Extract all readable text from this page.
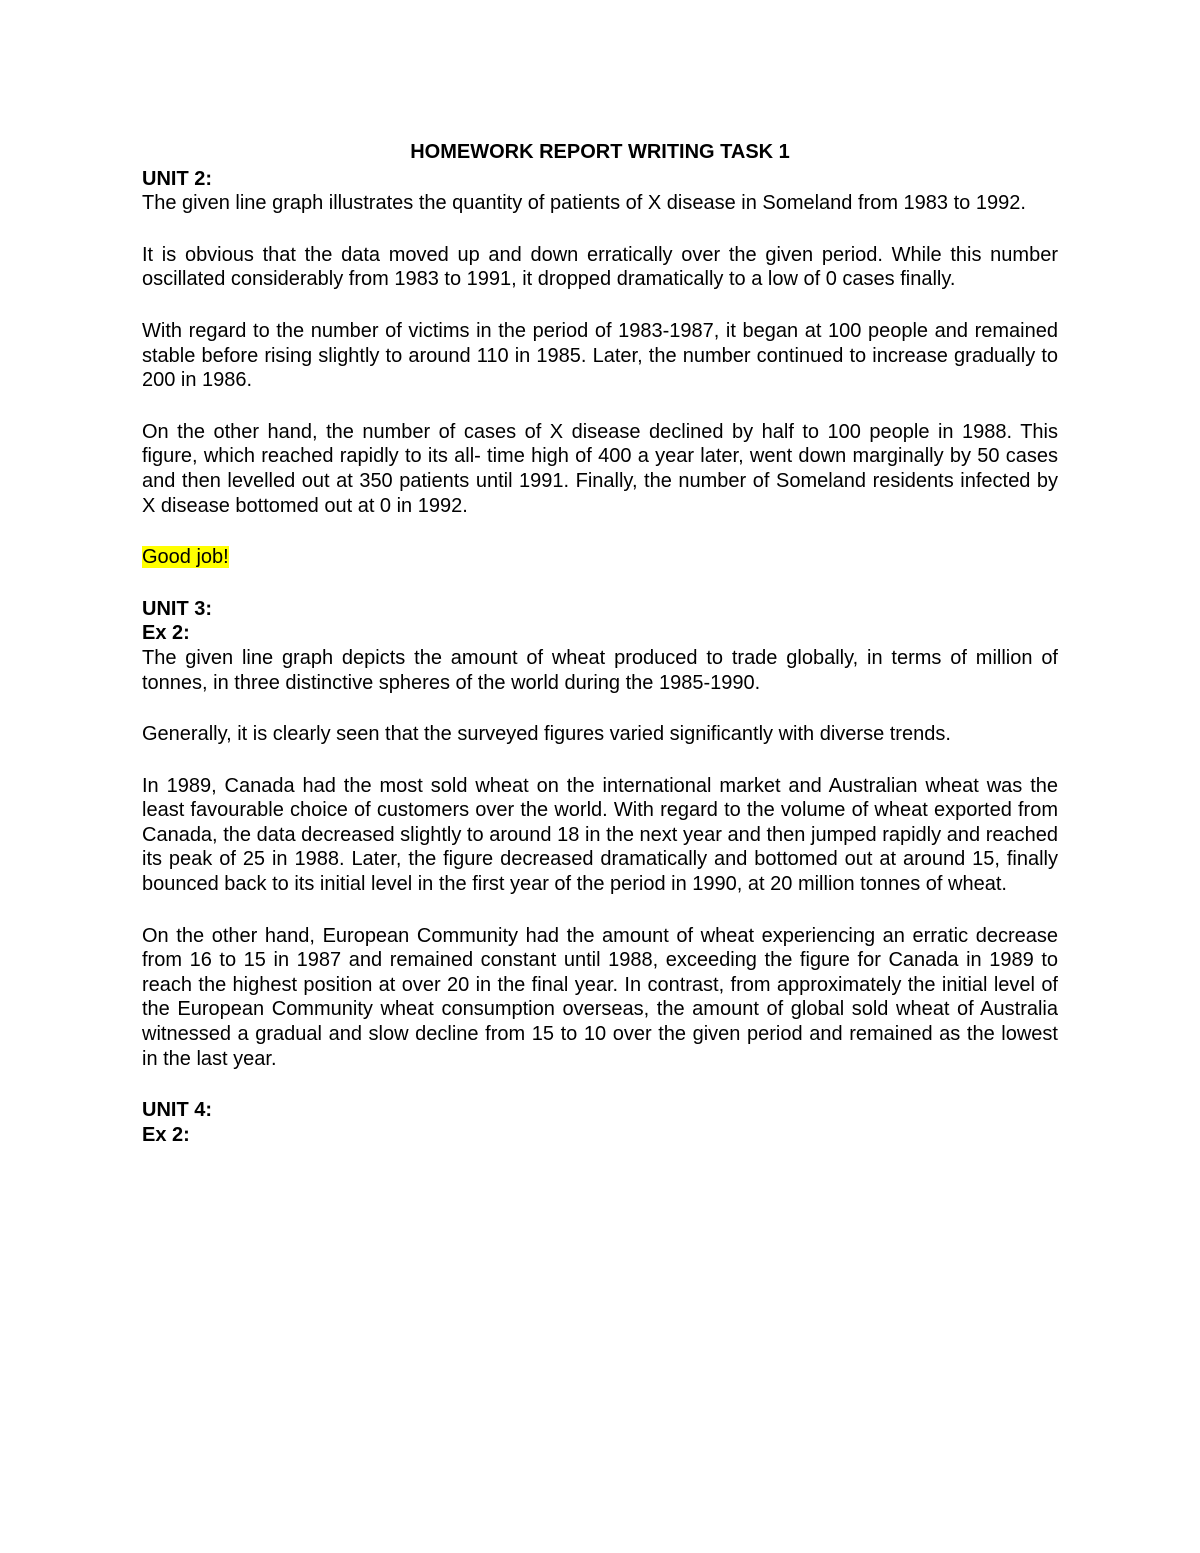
HOMEWORK REPORT WRITING TASK 1

UNIT 2:

The given line graph illustrates the quantity of patients of X disease in Someland from 1983 to 1992.

It is obvious that the data moved up and down erratically over the given period. While this number oscillated considerably from 1983 to 1991, it dropped dramatically to a low of 0 cases finally.

With regard to the number of victims in the period of 1983-1987, it began at 100 people and remained stable before rising slightly to around 110 in 1985. Later, the number continued to increase gradually to 200 in 1986.

On the other hand, the number of cases of X disease declined by half to 100 people in 1988. This figure, which reached rapidly to its all- time high of 400 a year later, went down marginally by 50 cases and then levelled out at 350 patients until 1991. Finally, the number of Someland residents infected by X disease bottomed out at 0 in 1992.

Good job!

UNIT 3:

Ex 2:

The given line graph depicts the amount of wheat produced to trade globally, in terms of million of tonnes, in three distinctive spheres of the world during the 1985-1990.

Generally, it is clearly seen that the surveyed figures varied significantly with diverse trends.

In 1989, Canada had the most sold wheat on the international market and Australian wheat was the least favourable choice of customers over the world. With regard to the volume of wheat exported from Canada, the data decreased slightly to around 18 in the next year and then jumped rapidly and reached its peak of 25 in 1988. Later, the figure decreased dramatically and bottomed out at around 15, finally bounced back to its initial level in the first year of the period in 1990, at 20 million tonnes of wheat.

On the other hand, European Community had the amount of wheat experiencing an erratic decrease from 16 to 15 in 1987 and remained constant until 1988, exceeding the figure for Canada in 1989 to reach the highest position at over 20 in the final year. In contrast, from approximately the initial level of the European Community wheat consumption overseas, the amount of global sold wheat of Australia witnessed a gradual and slow decline from 15 to 10 over the given period and remained as the lowest in the last year.

UNIT 4:

Ex 2:
